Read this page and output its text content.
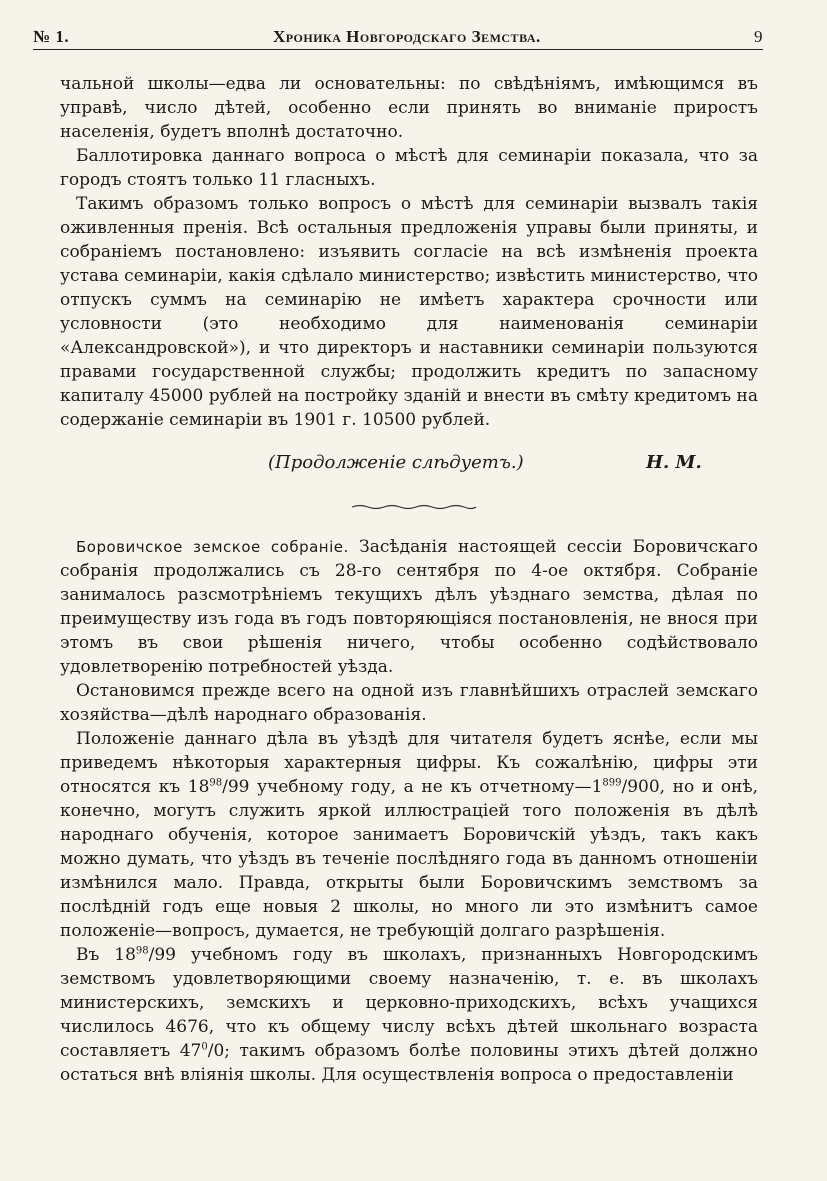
№ 1.	Хроника Новгородскаго Земства.	9

чальной школы—едва ли основательны: по свѣдѣніямъ, имѣющимся въ управѣ, число дѣтей, особенно если принять во вниманіе приростъ населенія, будетъ вполнѣ достаточно.

Баллотировка даннаго вопроса о мѣстѣ для семинаріи показала, что за городъ стоятъ только 11 гласныхъ.

Такимъ образомъ только вопросъ о мѣстѣ для семинаріи вызвалъ такія оживленныя пренія. Всѣ остальныя предложенія управы были приняты, и собраніемъ постановлено: изъявить согласіе на всѣ измѣненія проекта устава семинаріи, какія сдѣлало министерство; извѣстить министерство, что отпускъ суммъ на семинарію не имѣетъ характера срочности или условности (это необходимо для наименованія семинаріи «Александровской»), и что директоръ и наставники семинаріи пользуются правами государственной службы; продолжить кредитъ по запасному капиталу 45000 рублей на постройку зданій и внести въ смѣту кредитомъ на содержаніе семинаріи въ 1901 г. 10500 рублей.

(Продолженіе слѣдуетъ.)	Н. М.

Боровичское земское собраніе. Засѣданія настоящей сессіи Боровичскаго собранія продолжались съ 28-го сентября по 4-ое октября. Собраніе занималось разсмотрѣніемъ текущихъ дѣлъ уѣзднаго земства, дѣлая по преимуществу изъ года въ годъ повторяющіяся постановленія, не внося при этомъ въ свои рѣшенія ничего, чтобы особенно содѣйствовало удовлетворенію потребностей уѣзда.

Остановимся прежде всего на одной изъ главнѣйшихъ отраслей земскаго хозяйства—дѣлѣ народнаго образованія.

Положеніе даннаго дѣла въ уѣздѣ для читателя будетъ яснѣе, если мы приведемъ нѣкоторыя характерныя цифры. Къ сожалѣнію, цифры эти относятся къ $18^{98}/99$ учебному году, а не къ $отчетному—1^{899}/900$, но и онѣ, конечно, могутъ служить яркой иллюстраціей того положенія въ дѣлѣ народнаго обученія, которое занимаетъ Боровичскій уѣздъ, такъ какъ можно думать, что уѣздъ въ теченіе послѣдняго года въ данномъ отношеніи измѣнился мало. Правда, открыты были Боровичскимъ земствомъ за послѣдній годъ еще новыя 2 школы, но много ли это измѣнитъ самое положеніе—вопросъ, думается, не требующій долгаго разрѣшенія.

Въ $18^{98}/99$ учебномъ году въ школахъ, признанныхъ Новгородскимъ земствомъ удовлетворяющими своему назначенію, т. е. въ школахъ министерскихъ, земскихъ и церковно-приходскихъ, всѣхъ учащихся числилось 4676, что къ общему числу всѣхъ дѣтей школьнаго возраста составляетъ $47^0/0$; такимъ образомъ болѣе половины этихъ дѣтей должно остаться внѣ вліянія школы. Для осуществленія вопроса о предоставленіи
